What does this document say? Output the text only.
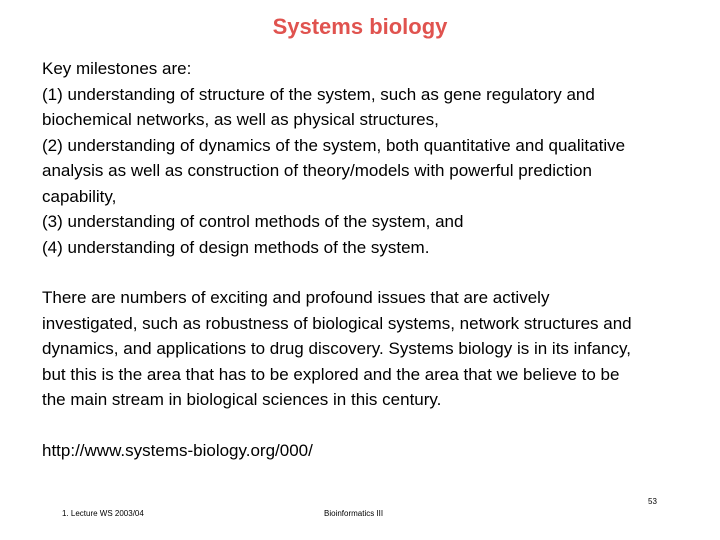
Systems biology

Key milestones are:
(1) understanding of structure of the system, such as gene regulatory and
biochemical networks, as well as physical structures,
(2) understanding of dynamics of the system, both quantitative and qualitative
analysis as well as construction of theory/models with powerful prediction
capability,
(3) understanding of control methods of the system, and
(4) understanding of design methods of the system.

There are numbers of exciting and profound issues that are actively
investigated, such as robustness of biological systems, network structures and
dynamics, and applications to drug discovery. Systems biology is in its infancy,
but this is the area that has to be explored and the area that we believe to be
the main stream in biological sciences in this century.

http://www.systems-biology.org/000/

53
1. Lecture WS 2003/04	Bioinformatics III
